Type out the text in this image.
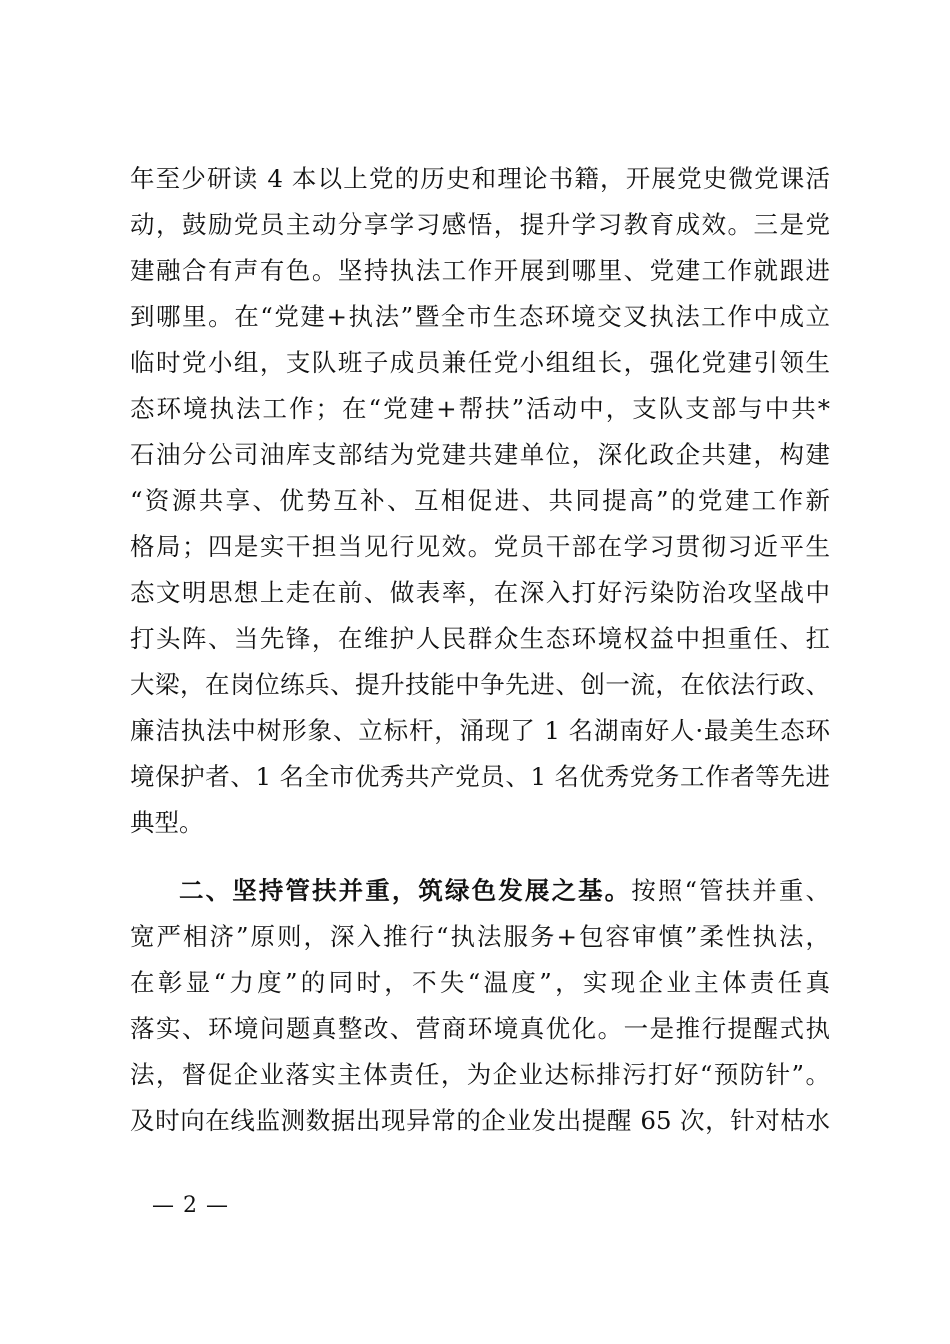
年至少研读 4 本以上党的历史和理论书籍，开展党史微党课活
动，鼓励党员主动分享学习感悟，提升学习教育成效。三是党
建融合有声有色。坚持执法工作开展到哪里、党建工作就跟进
到哪里。在“党建+执法”暨全市生态环境交叉执法工作中成立
临时党小组，支队班子成员兼任党小组组长，强化党建引领生
态环境执法工作；在“党建+帮扶”活动中，支队支部与中共*
石油分公司油库支部结为党建共建单位，深化政企共建，构建
“资源共享、优势互补、互相促进、共同提高”的党建工作新
格局；四是实干担当见行见效。党员干部在学习贯彻习近平生
态文明思想上走在前、做表率，在深入打好污染防治攻坚战中
打头阵、当先锋，在维护人民群众生态环境权益中担重任、扛
大梁，在岗位练兵、提升技能中争先进、创一流，在依法行政、
廉洁执法中树形象、立标杆，涌现了 1 名湖南好人·最美生态环
境保护者、1 名全市优秀共产党员、1 名优秀党务工作者等先进
典型。
二、坚持管扶并重，筑绿色发展之基。按照“管扶并重、
宽严相济”原则，深入推行“执法服务+包容审慎”柔性执法，
在彰显“力度”的同时，不失“温度”，实现企业主体责任真
落实、环境问题真整改、营商环境真优化。一是推行提醒式执
法，督促企业落实主体责任，为企业达标排污打好“预防针”。
及时向在线监测数据出现异常的企业发出提醒 65 次，针对枯水
— 2 —
